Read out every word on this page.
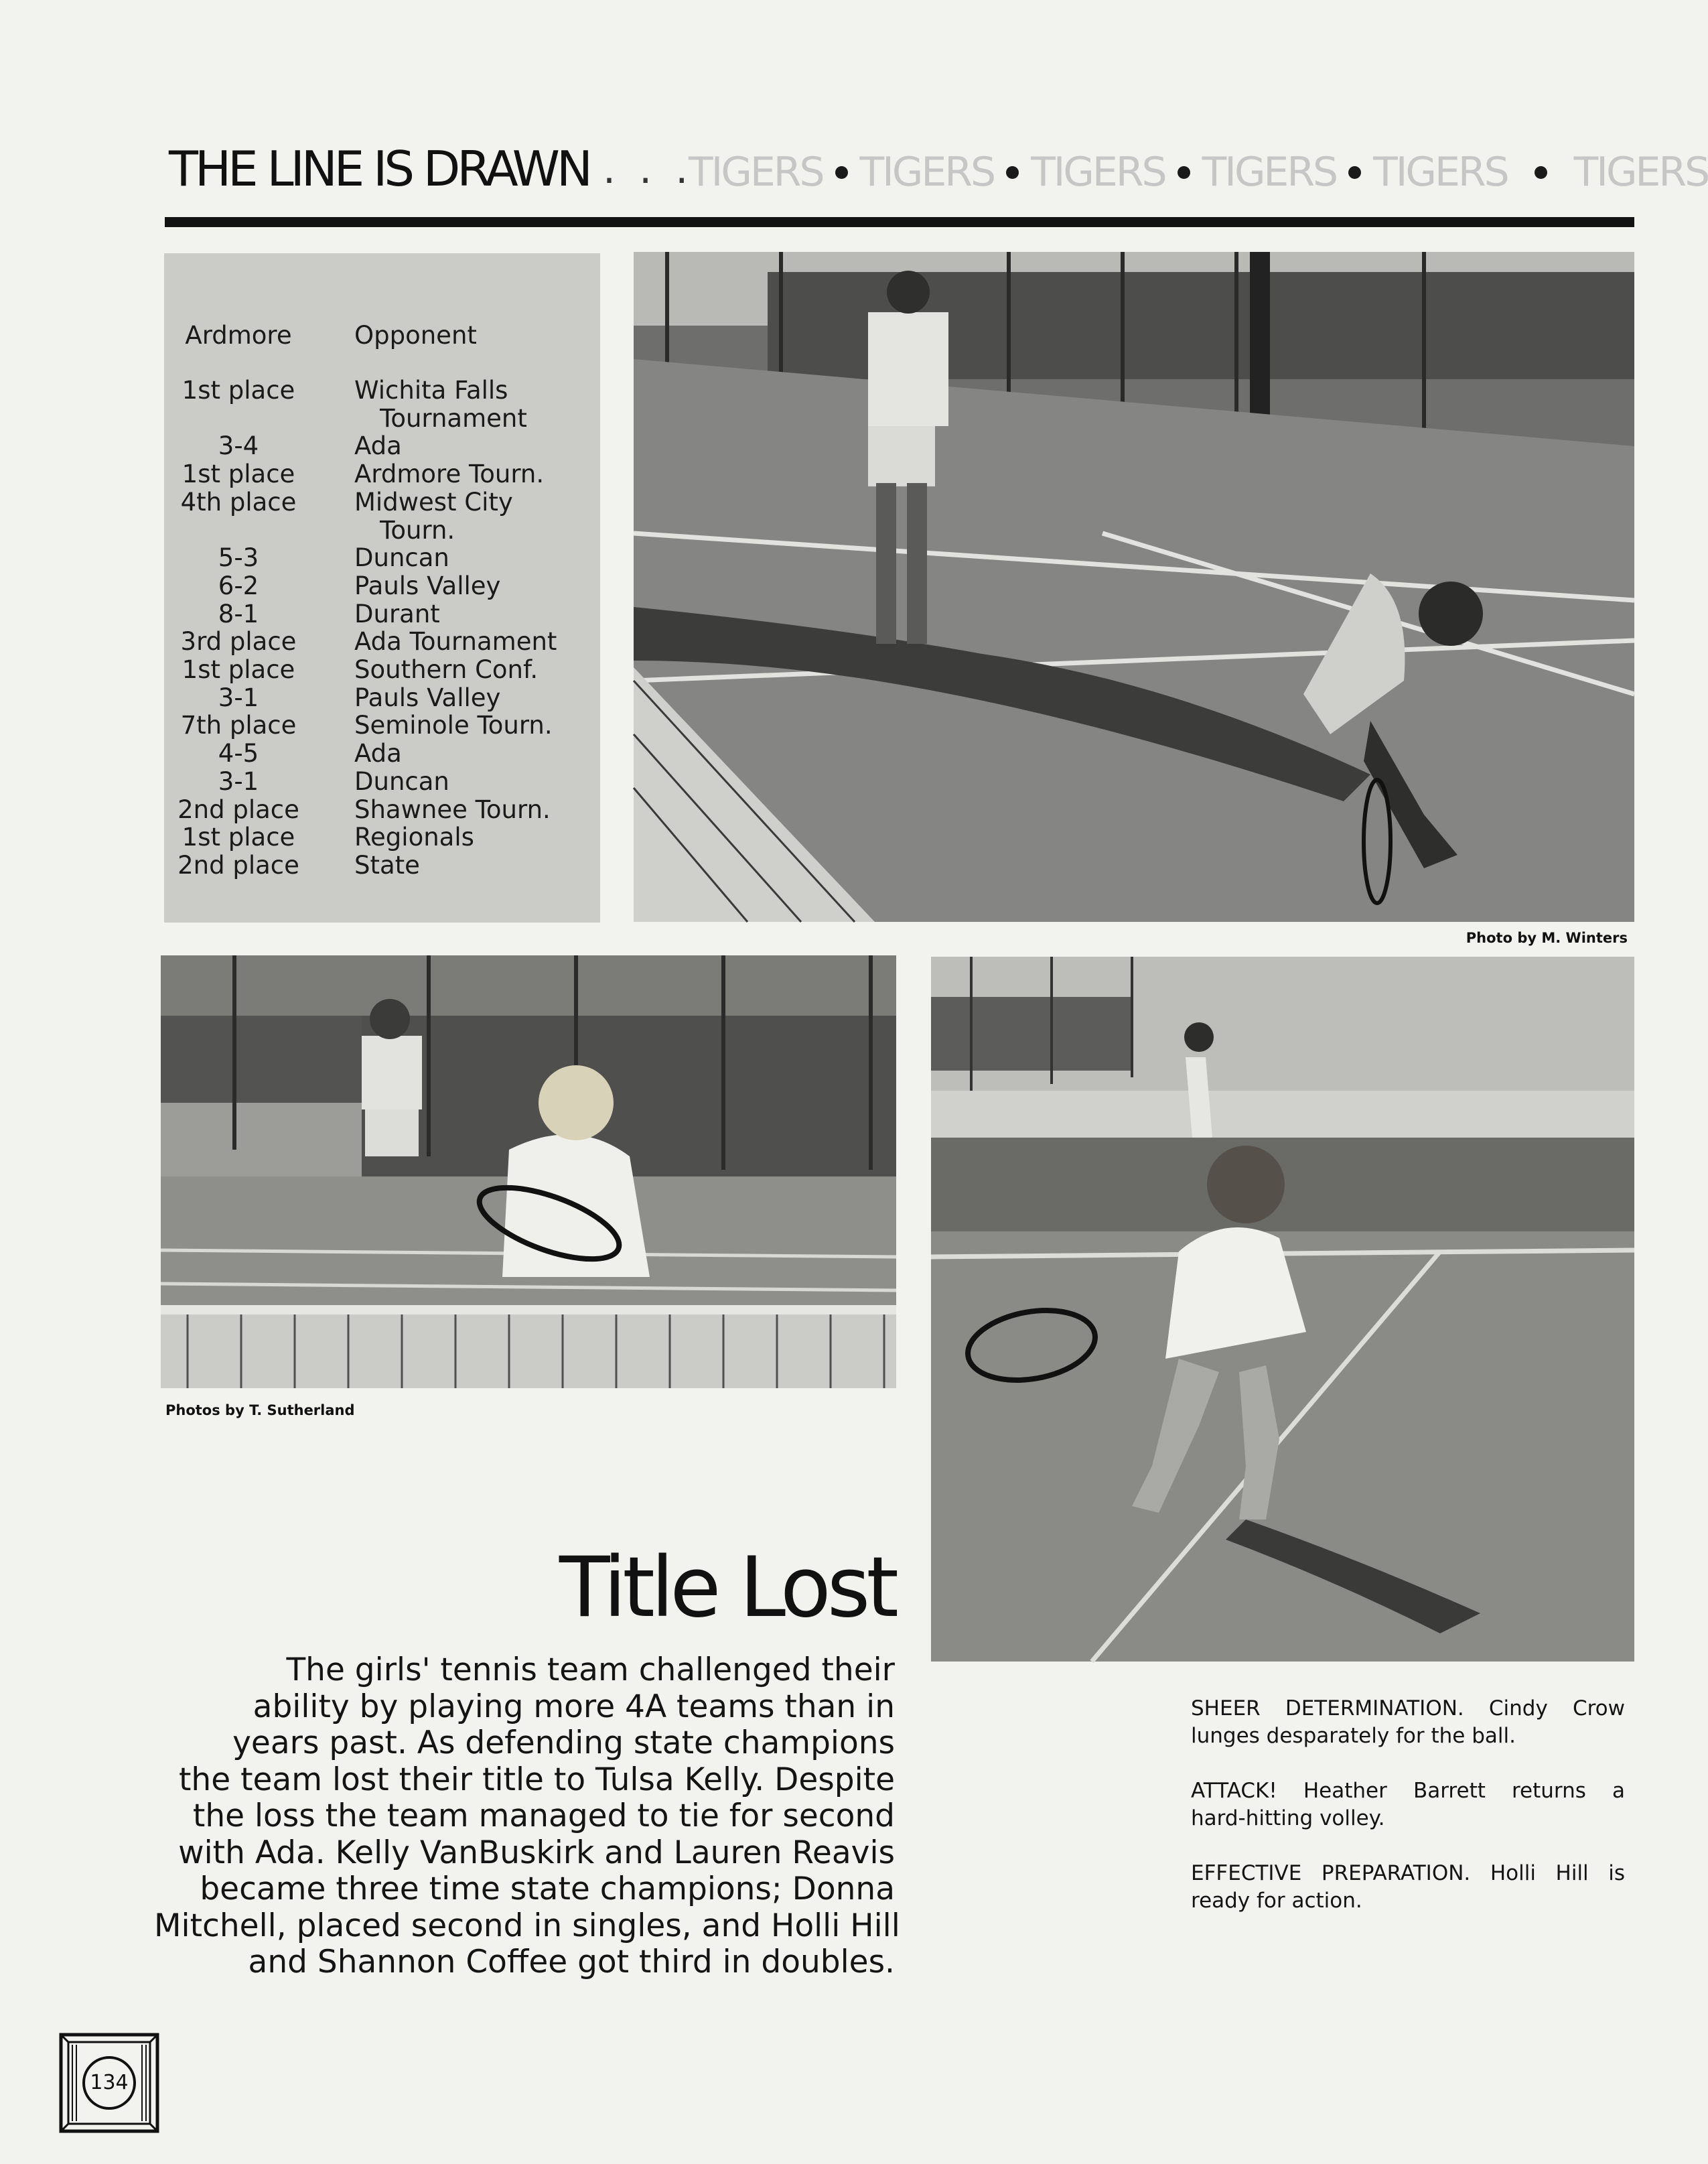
THE LINE IS DRAWN . . .
TIGERS TIGERS TIGERS TIGERS TIGERS TIGERS
Ardmore	Opponent
1st place	Wichita Falls
Tournament
3-4	Ada
1st place	Ardmore Tourn.
4th place	Midwest City
Tourn.
5-3	Duncan
6-2	Pauls Valley
8-1	Durant
3rd place	Ada Tournament
1st place	Southern Conf.
3-1	Pauls Valley
7th place	Seminole Tourn.
4-5	Ada
3-1	Duncan
2nd place	Shawnee Tourn.
1st place	Regionals
2nd place	State
Photo by M. Winters
Photos by T. Sutherland
Title Lost
The girls' tennis team challenged their
ability by playing more 4A teams than in
years past. As defending state champions
the team lost their title to Tulsa Kelly. Despite
the loss the team managed to tie for second
with Ada. Kelly VanBuskirk and Lauren Reavis
became three time state champions; Donna
Mitchell, placed second in singles, and Holli Hill
and Shannon Coffee got third in doubles.
SHEER DETERMINATION. Cindy Crow
lunges desparately for the ball.
ATTACK! Heather Barrett returns a
hard-hitting volley.
EFFECTIVE PREPARATION. Holli Hill is
ready for action.
134
